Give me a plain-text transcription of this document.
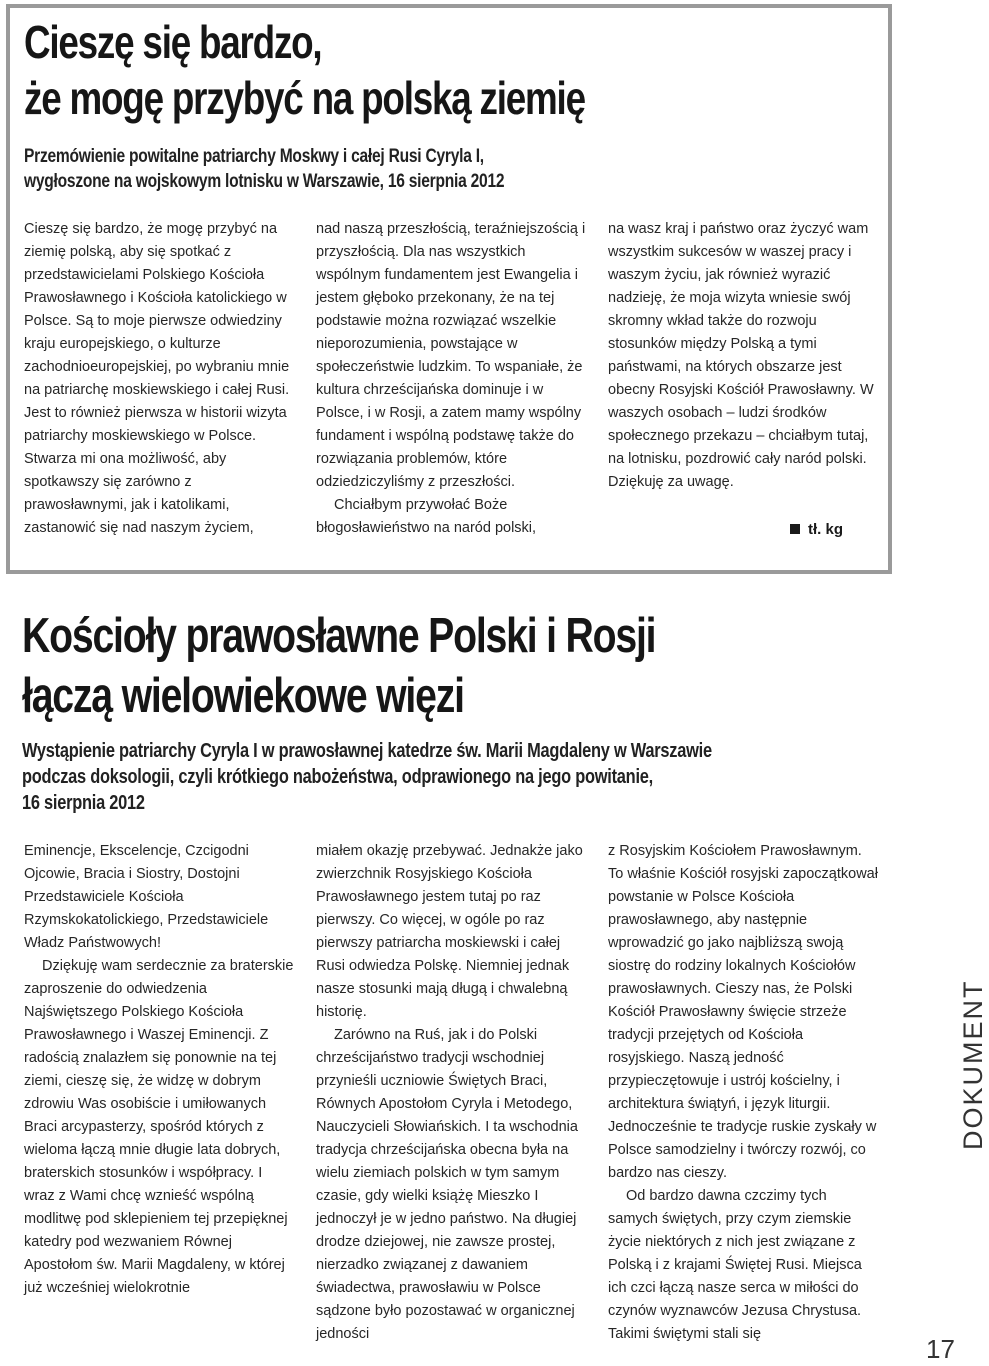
Cieszę się bardzo,
że mogę przybyć na polską ziemię
Przemówienie powitalne patriarchy Moskwy i całej Rusi Cyryla I,
wygłoszone na wojskowym lotnisku w Warszawie, 16 sierpnia 2012

Cieszę się bardzo, że mogę przybyć na ziemię polską, aby się spotkać z przedstawicielami Polskiego Kościoła Prawosławnego i Kościoła katolickiego w Polsce. Są to moje pierwsze odwiedziny kraju europejskiego, o kulturze zachodnioeuropejskiej, po wybraniu mnie na patriarchę moskiewskiego i całej Rusi. Jest to również pierwsza w historii wizyta patriarchy moskiewskiego w Polsce. Stwarza mi ona możliwość, aby spotkawszy się zarówno z prawosławnymi, jak i katolikami, zastanowić się nad naszym życiem,

nad naszą przeszłością, teraźniejszością i przyszłością. Dla nas wszystkich wspólnym fundamentem jest Ewangelia i jestem głęboko przekonany, że na tej podstawie można rozwiązać wszelkie nieporozumienia, powstające w społeczeństwie ludzkim. To wspaniałe, że kultura chrześcijańska dominuje i w Polsce, i w Rosji, a zatem mamy wspólny fundament i wspólną podstawę także do rozwiązania problemów, które odziedziczyliśmy z przeszłości.

Chciałbym przywołać Boże błogosławieństwo na naród polski,

na wasz kraj i państwo oraz życzyć wam wszystkim sukcesów w waszej pracy i waszym życiu, jak również wyrazić nadzieję, że moja wizyta wniesie swój skromny wkład także do rozwoju stosunków między Polską a tymi państwami, na których obszarze jest obecny Rosyjski Kościół Prawosławny. W waszych osobach – ludzi środków społecznego przekazu – chciałbym tutaj, na lotnisku, pozdrowić cały naród polski. Dziękuję za uwagę.

tł. kg
Kościoły prawosławne Polski i Rosji
łączą wielowiekowe więzi
Wystąpienie patriarchy Cyryla I w prawosławnej katedrze św. Marii Magdaleny w Warszawie
podczas doksologii, czyli krótkiego nabożeństwa, odprawionego na jego powitanie,
16 sierpnia 2012

Eminencje, Ekscelencje, Czcigodni Ojcowie, Bracia i Siostry, Dostojni Przedstawiciele Kościoła Rzymskokatolickiego, Przedstawiciele Władz Państwowych!

Dziękuję wam serdecznie za braterskie zaproszenie do odwiedzenia Najświętszego Polskiego Kościoła Prawosławnego i Waszej Eminencji. Z radością znalazłem się ponownie na tej ziemi, cieszę się, że widzę w dobrym zdrowiu Was osobiście i umiłowanych Braci arcypasterzy, spośród których z wieloma łączą mnie długie lata dobrych, braterskich stosunków i współpracy. I wraz z Wami chcę wznieść wspólną modlitwę pod sklepieniem tej przepięknej katedry pod wezwaniem Równej Apostołom św. Marii Magdaleny, w której już wcześniej wielokrotnie

miałem okazję przebywać. Jednakże jako zwierzchnik Rosyjskiego Kościoła Prawosławnego jestem tutaj po raz pierwszy. Co więcej, w ogóle po raz pierwszy patriarcha moskiewski i całej Rusi odwiedza Polskę. Niemniej jednak nasze stosunki mają długą i chwalebną historię.

Zarówno na Ruś, jak i do Polski chrześcijaństwo tradycji wschodniej przynieśli uczniowie Świętych Braci, Równych Apostołom Cyryla i Metodego, Nauczycieli Słowiańskich. I ta wschodnia tradycja chrześcijańska obecna była na wielu ziemiach polskich w tym samym czasie, gdy wielki książę Mieszko I jednoczył je w jedno państwo. Na długiej drodze dziejowej, nie zawsze prostej, nierzadko związanej z dawaniem świadectwa, prawosławiu w Polsce sądzone było pozostawać w organicznej jedności

z Rosyjskim Kościołem Prawosławnym. To właśnie Kościół rosyjski zapoczątkował powstanie w Polsce Kościoła prawosławnego, aby następnie wprowadzić go jako najbliższą swoją siostrę do rodziny lokalnych Kościołów prawosławnych. Cieszy nas, że Polski Kościół Prawosławny święcie strzeże tradycji przejętych od Kościoła rosyjskiego. Naszą jedność przypieczętowuje i ustrój kościelny, i architektura świątyń, i język liturgii. Jednocześnie te tradycje ruskie zyskały w Polsce samodzielny i twórczy rozwój, co bardzo nas cieszy.

Od bardzo dawna czczimy tych samych świętych, przy czym ziemskie życie niektórych z nich jest związane z Polską i z krajami Świętej Rusi. Miejsca ich czci łączą nasze serca w miłości do czynów wyznawców Jezusa Chrystusa. Takimi świętymi stali się

DOKUMENT
17
